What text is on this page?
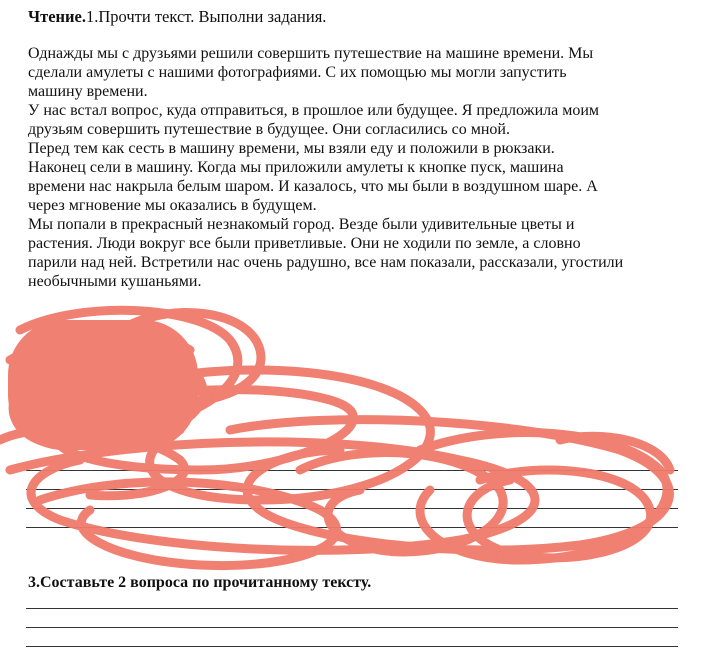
Чтение.1.Прочти текст. Выполни задания.
Однажды мы с друзьями решили совершить путешествие на машине времени. Мы
сделали амулеты с нашими фотографиями. С их помощью мы могли запустить
машину времени.
У нас встал вопрос, куда отправиться, в прошлое или будущее. Я предложила моим
друзьям совершить путешествие в будущее. Они согласились со мной.
Перед тем как сесть в машину времени, мы взяли еду и положили в рюкзаки.
Наконец сели в машину. Когда мы приложили амулеты к кнопке пуск, машина
времени нас накрыла белым шаром. И казалось, что мы были в воздушном шаре. А
через мгновение мы оказались в будущем.
Мы попали в прекрасный незнакомый город. Везде были удивительные цветы и
растения. Люди вокруг все были приветливые. Они не ходили по земле, а словно
парили над ней. Встретили нас очень радушно, все нам показали, рассказали, угостили
необычными кушаньями.
3.Составьте 2 вопроса по прочитанному тексту.
